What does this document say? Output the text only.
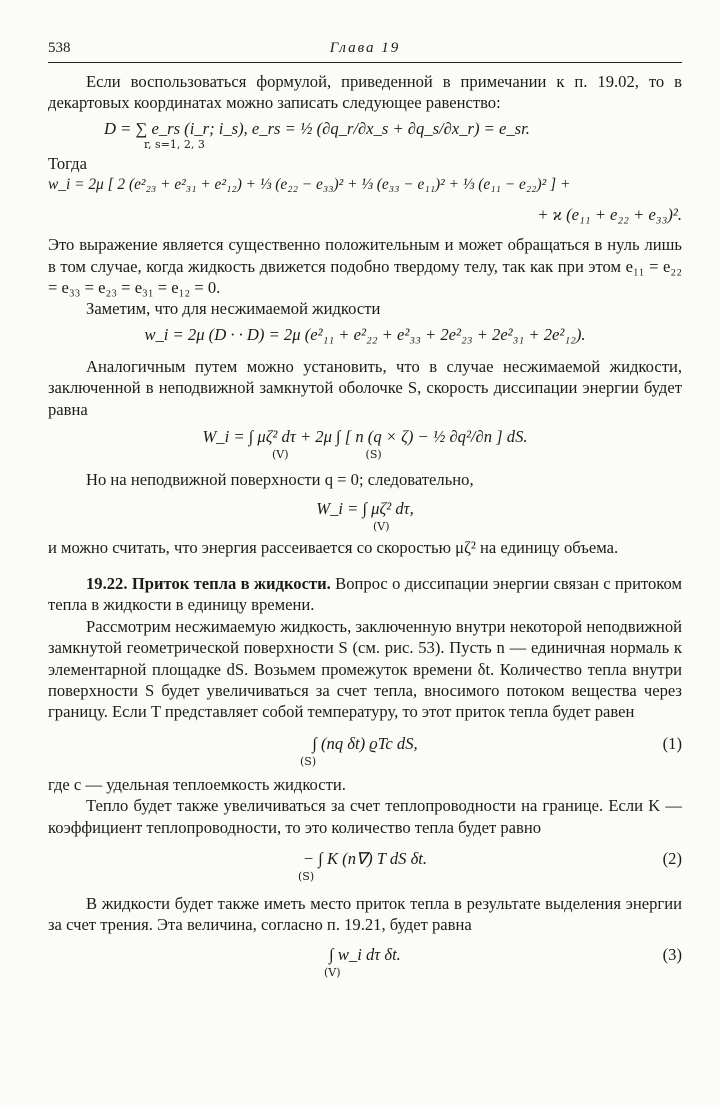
538	Глава 19

Если воспользоваться формулой, приведенной в примечании к п. 19.02, то в декартовых координатах можно записать следующее равенство:

D = ∑ e_rs (i_r; i_s), e_rs = ½ (∂q_r/∂x_s + ∂q_s/∂x_r) = e_sr.
r, s=1, 2, 3

Тогда

w_i = 2μ [ 2 (e²₂₃ + e²₃₁ + e²₁₂) + ⅓ (e₂₂ − e₃₃)² + ⅓ (e₃₃ − e₁₁)² + ⅓ (e₁₁ − e₂₂)² ] +
+ ϰ (e₁₁ + e₂₂ + e₃₃)².

Это выражение является существенно положительным и может обращаться в нуль лишь в том случае, когда жидкость движется подобно твердому телу, так как при этом e₁₁ = e₂₂ = e₃₃ = e₂₃ = e₃₁ = e₁₂ = 0.

Заметим, что для несжимаемой жидкости

w_i = 2μ (D · · D) = 2μ (e²₁₁ + e²₂₂ + e²₃₃ + 2e²₂₃ + 2e²₃₁ + 2e²₁₂).

Аналогичным путем можно установить, что в случае несжимаемой жидкости, заключенной в неподвижной замкнутой оболочке S, скорость диссипации энергии будет равна

W_i = ∫ μζ² dτ + 2μ ∫ [ n (q × ζ) − ½ ∂q²/∂n ] dS.
(V)	(S)

Но на неподвижной поверхности q = 0; следовательно,

W_i = ∫ μζ² dτ,
(V)

и можно считать, что энергия рассеивается со скоростью μζ² на единицу объема.

19.22. Приток тепла в жидкости. Вопрос о диссипации энергии связан с притоком тепла в жидкости в единицу времени.

Рассмотрим несжимаемую жидкость, заключенную внутри некоторой неподвижной замкнутой геометрической поверхности S (см. рис. 53). Пусть n — единичная нормаль к элементарной площадке dS. Возьмем промежуток времени δt. Количество тепла внутри поверхности S будет увеличиваться за счет тепла, вносимого потоком вещества через границу. Если T представляет собой температуру, то этот приток тепла будет равен

∫ (nq δt) ϱTc dS,	(1)
(S)

где c — удельная теплоемкость жидкости.

Тепло будет также увеличиваться за счет теплопроводности на границе. Если K — коэффициент теплопроводности, то это количество тепла будет равно

− ∫ K (n∇) T dS δt.	(2)
(S)

В жидкости будет также иметь место приток тепла в результате выделения энергии за счет трения. Эта величина, согласно п. 19.21, будет равна

∫ w_i dτ δt.	(3)
(V)
